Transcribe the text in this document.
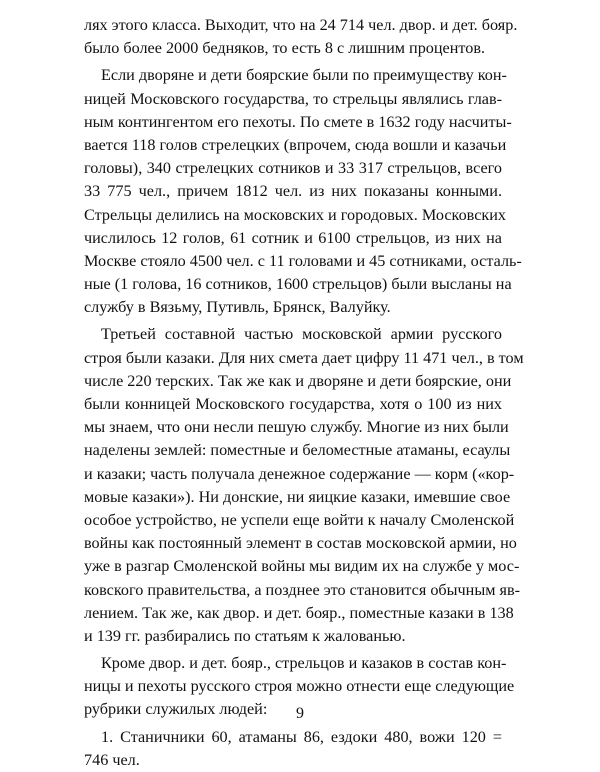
лях этого класса. Выходит, что на 24 714 чел. двор. и дет. бояр.
было более 2000 бедняков, то есть 8 с лишним процентов.
Если дворяне и дети боярские были по преимуществу кон-
ницей Московского государства, то стрельцы являлись глав-
ным контингентом его пехоты. По смете в 1632 году насчиты-
вается 118 голов стрелецких (впрочем, сюда вошли и казачьи
головы), 340 стрелецких сотников и 33 317 стрельцов, всего
33 775 чел., причем 1812 чел. из них показаны конными.
Стрельцы делились на московских и городовых. Московских
числилось 12 голов, 61 сотник и 6100 стрельцов, из них на
Москве стояло 4500 чел. с 11 головами и 45 сотниками, осталь-
ные (1 голова, 16 сотников, 1600 стрельцов) были высланы на
службу в Вязьму, Путивль, Брянск, Валуйку.
Третьей составной частью московской армии русского
строя были казаки. Для них смета дает цифру 11 471 чел., в том
числе 220 терских. Так же как и дворяне и дети боярские, они
были конницей Московского государства, хотя о 100 из них
мы знаем, что они несли пешую службу. Многие из них были
наделены землей: поместные и беломестные атаманы, есаулы
и казаки; часть получала денежное содержание — корм («кор-
мовые казаки»). Ни донские, ни яицкие казаки, имевшие свое
особое устройство, не успели еще войти к началу Смоленской
войны как постоянный элемент в состав московской армии, но
уже в разгар Смоленской войны мы видим их на службе у мос-
ковского правительства, а позднее это становится обычным яв-
лением. Так же, как двор. и дет. бояр., поместные казаки в 138
и 139 гг. разбирались по статьям к жалованью.
Кроме двор. и дет. бояр., стрельцов и казаков в состав кон-
ницы и пехоты русского строя можно отнести еще следующие
рубрики служилых людей:
1. Станичники 60, атаманы 86, ездоки 480, вожи 120 =
746 чел.
9
